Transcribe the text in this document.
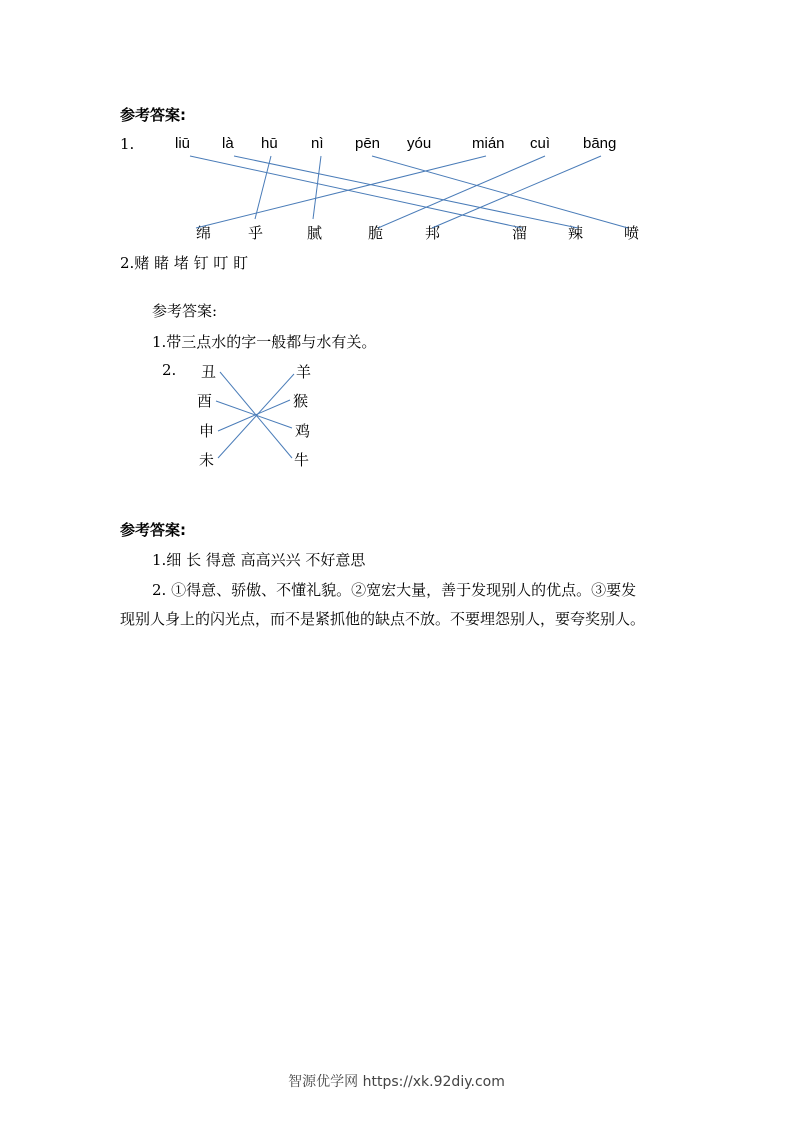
参考答案:
1.	liū là hū nì pēn yóu	mián cuì bāng
绵 乎	腻	脆	邦	溜	辣	喷
2.赌 睹 堵 钉 叮 盯
参考答案:
1.带三点水的字一般都与水有关。
2. 丑
酉
申
未
羊
猴
鸡
牛
参考答案:
1.细 长 得意 高高兴兴 不好意思
2. ①得意、骄傲、不懂礼貌。②宽宏大量，善于发现别人的优点。③要发
现别人身上的闪光点，而不是紧抓他的缺点不放。不要埋怨别人，要夸奖别人。
智源优学网 https://xk.92diy.com
